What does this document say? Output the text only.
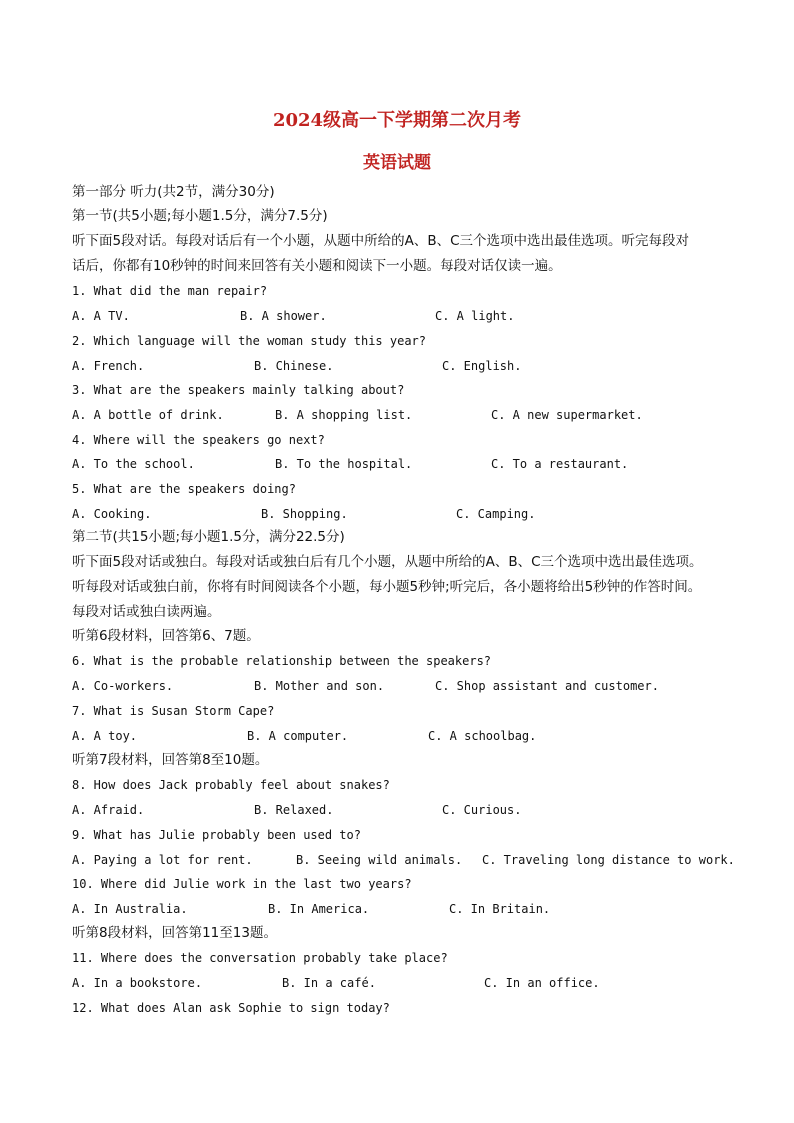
2024级高一下学期第二次月考
英语试题
第一部分 听力(共2节，满分30分)
第一节(共5小题;每小题1.5分，满分7.5分)
听下面5段对话。每段对话后有一个小题，从题中所给的A、B、C三个选项中选出最佳选项。听完每段对
话后，你都有10秒钟的时间来回答有关小题和阅读下一小题。每段对话仅读一遍。
1. What did the man repair?
A. A TV.	B. A shower.	C. A light.
2. Which language will the woman study this year?
A. French.	B. Chinese.	C. English.
3. What are the speakers mainly talking about?
A. A bottle of drink.	B. A shopping list.	C. A new supermarket.
4. Where will the speakers go next?
A. To the school.	B. To the hospital.	C. To a restaurant.
5. What are the speakers doing?
A. Cooking.	B. Shopping.	C. Camping.
第二节(共15小题;每小题1.5分，满分22.5分)
听下面5段对话或独白。每段对话或独白后有几个小题，从题中所给的A、B、C三个选项中选出最佳选项。
听每段对话或独白前，你将有时间阅读各个小题，每小题5秒钟;听完后，各小题将给出5秒钟的作答时间。
每段对话或独白读两遍。
听第6段材料，回答第6、7题。
6. What is the probable relationship between the speakers?
A. Co-workers.	B. Mother and son.	C. Shop assistant and customer.
7. What is Susan Storm Cape?
A. A toy.	B. A computer.	C. A schoolbag.
听第7段材料，回答第8至10题。
8. How does Jack probably feel about snakes?
A. Afraid.	B. Relaxed.	C. Curious.
9. What has Julie probably been used to?
A. Paying a lot for rent.	B. Seeing wild animals. C. Traveling long distance to work.
10. Where did Julie work in the last two years?
A. In Australia.	B. In America.	C. In Britain.
听第8段材料，回答第11至13题。
11. Where does the conversation probably take place?
A. In a bookstore.	B. In a café.	C. In an office.
12. What does Alan ask Sophie to sign today?
